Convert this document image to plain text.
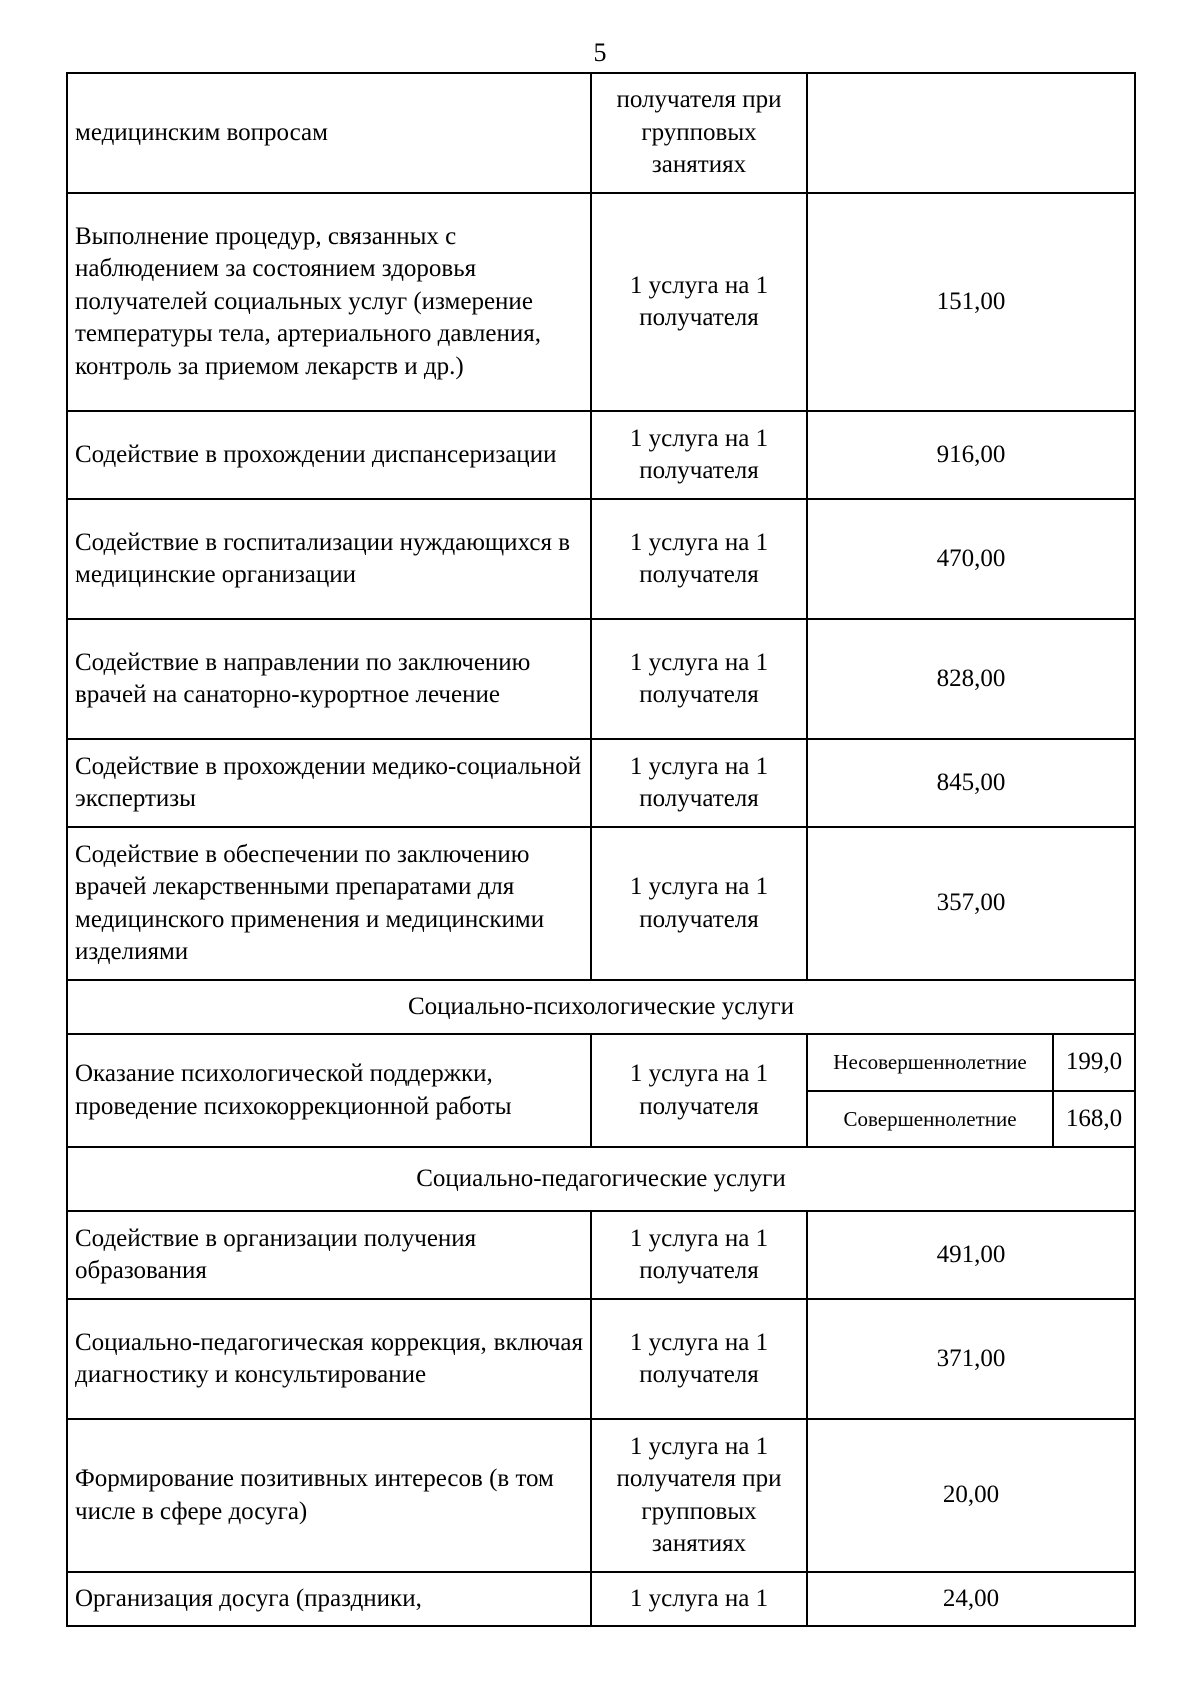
5
медицинским вопросам	получателя при групповых занятиях		
Выполнение процедур, связанных с наблюдением за состоянием здоровья получателей социальных услуг (измерение температуры тела, артериального давления, контроль за приемом лекарств и др.)	1 услуга на 1 получателя	151,00	
Содействие в прохождении диспансеризации	1 услуга на 1 получателя	916,00	
Содействие в госпитализации нуждающихся в медицинские организации	1 услуга на 1 получателя	470,00	
Содействие в направлении по заключению врачей на санаторно-курортное лечение	1 услуга на 1 получателя	828,00	
Содействие в прохождении медико-социальной экспертизы	1 услуга на 1 получателя	845,00	
Содействие в обеспечении по заключению врачей лекарственными препаратами для медицинского применения и медицинскими изделиями	1 услуга на 1 получателя	357,00	
Социально-психологические услуги			
Оказание психологической поддержки, проведение психокоррекционной работы	1 услуга на 1 получателя	Несовершеннолетние	199,0
		Совершеннолетние	168,0
Социально-педагогические услуги			
Содействие в организации получения образования	1 услуга на 1 получателя	491,00	
Социально-педагогическая коррекция, включая диагностику и консультирование	1 услуга на 1 получателя	371,00	
Формирование позитивных интересов (в том числе в сфере досуга)	1 услуга на 1 получателя при групповых занятиях	20,00	
Организация досуга (праздники,	1 услуга на 1	24,00	
